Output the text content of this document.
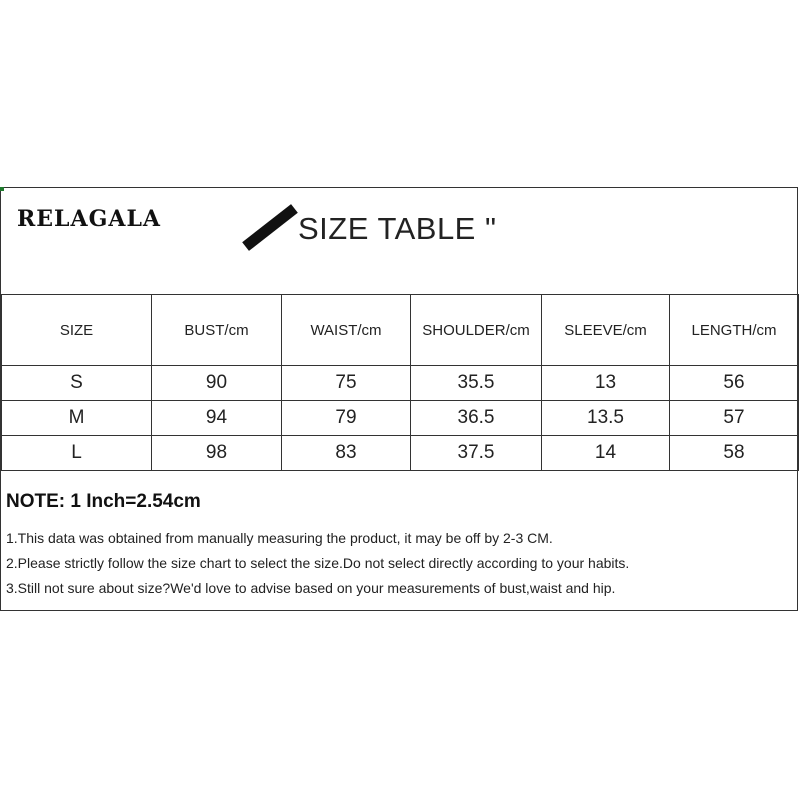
RELAGALA	SIZE TABLE "
SIZE	BUST/cm	WAIST/cm	SHOULDER/cm	SLEEVE/cm	LENGTH/cm
S	90	75	35.5	13	56
M	94	79	36.5	13.5	57
L	98	83	37.5	14	58
NOTE: 1 Inch=2.54cm
1.This data was obtained from manually measuring the product, it may be off by 2-3 CM.
2.Please strictly follow the size chart to select the size.Do not select directly according to your habits.
3.Still not sure about size?We'd love to advise based on your measurements of bust,waist and hip.
